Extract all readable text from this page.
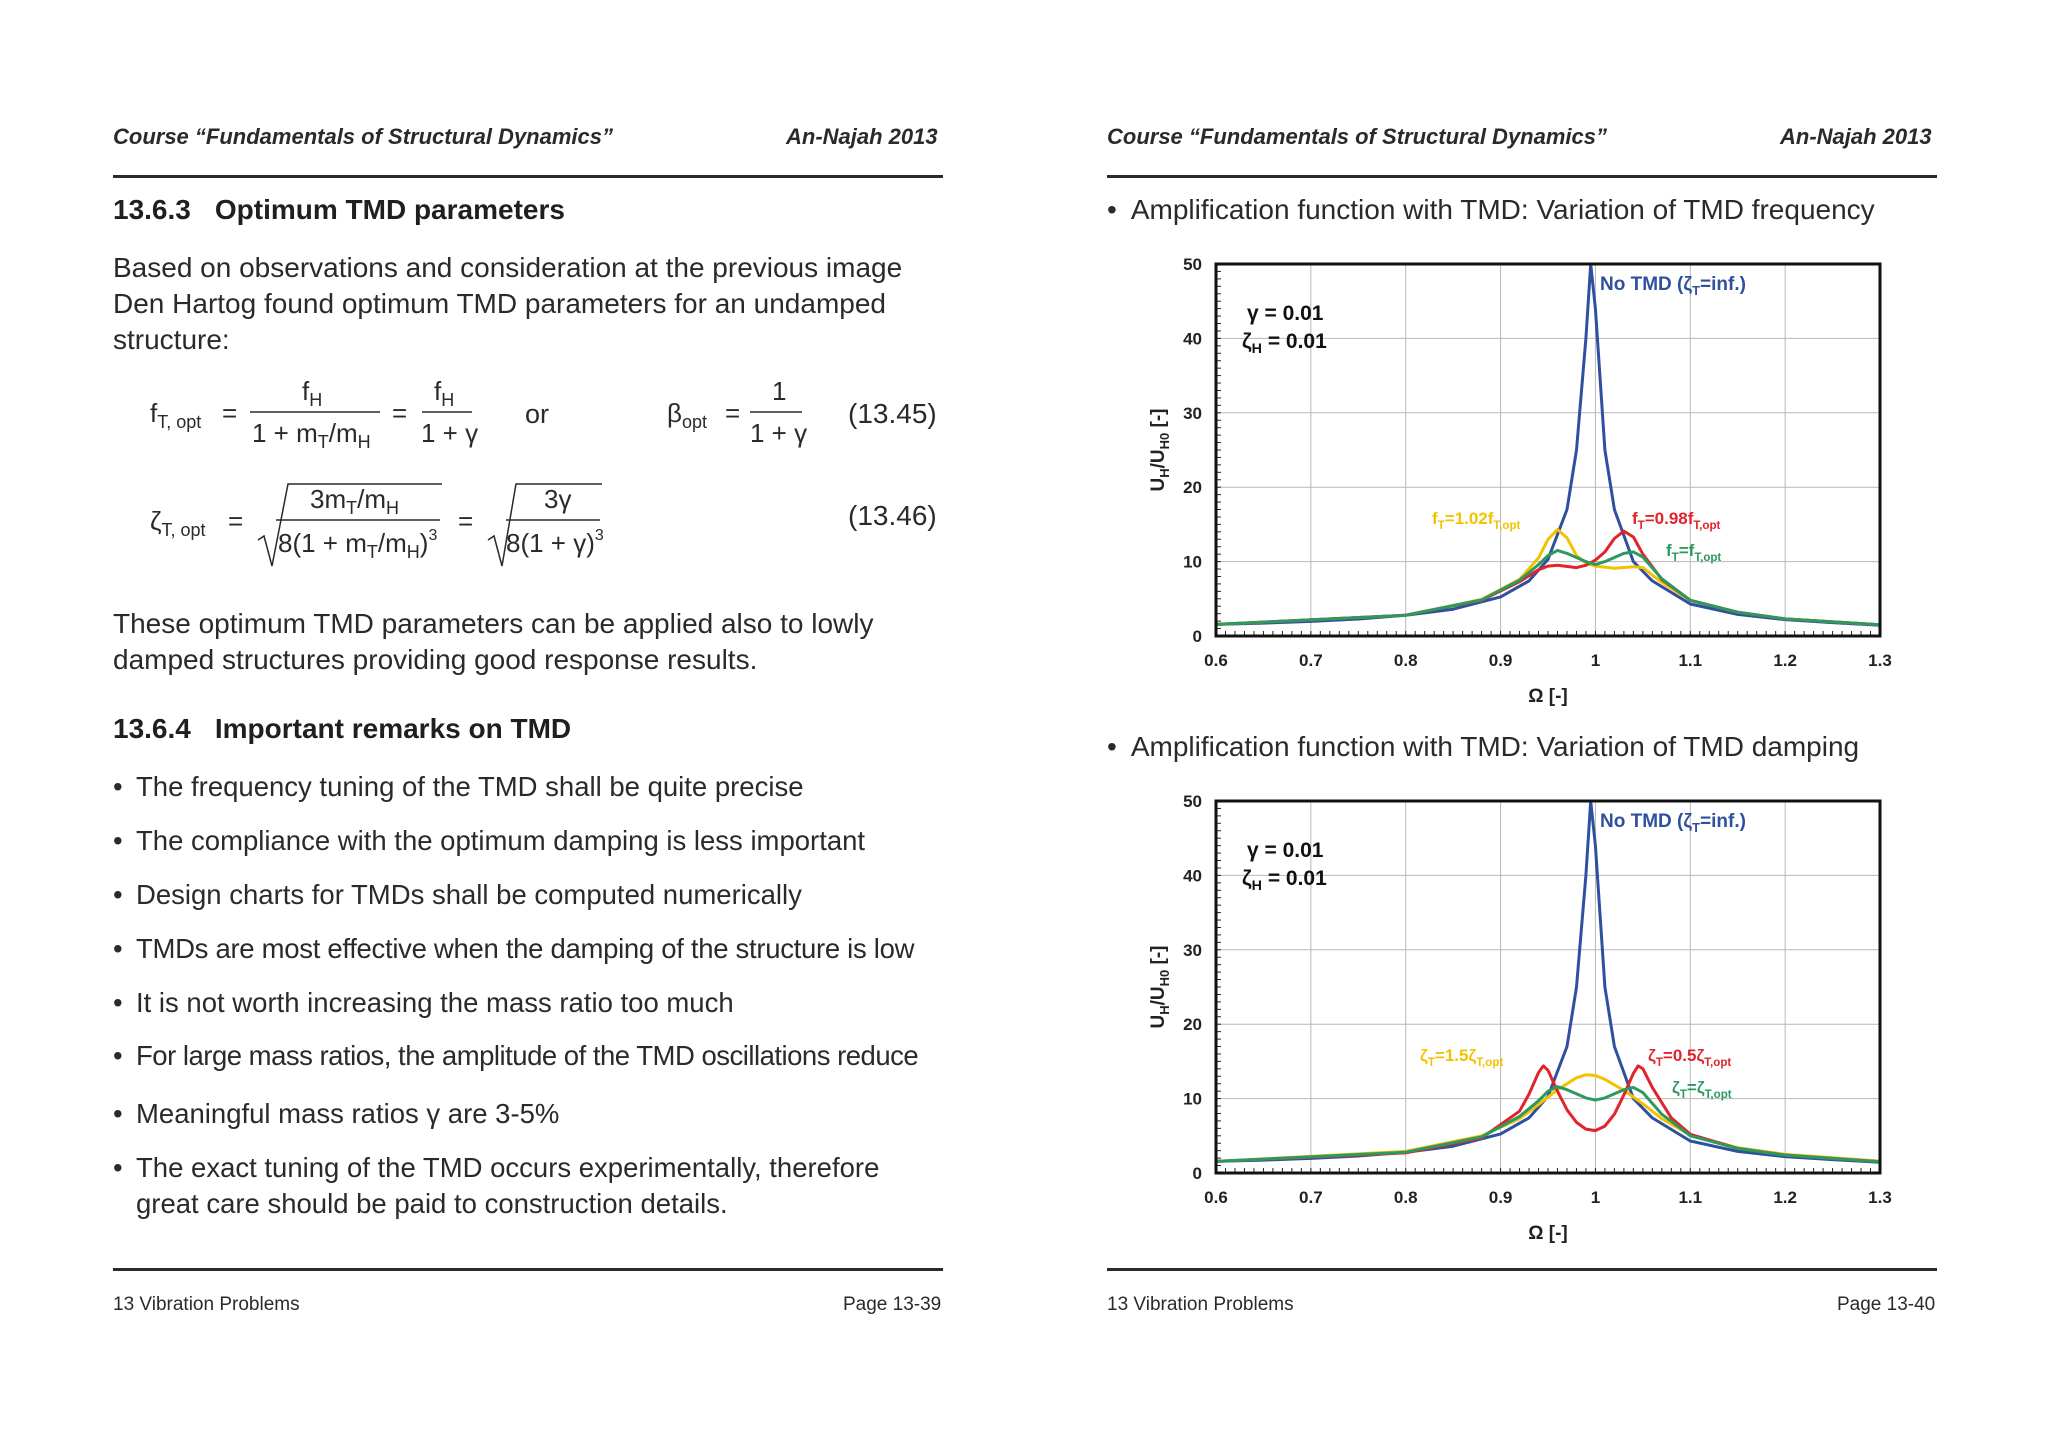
Course “Fundamentals of Structural Dynamics”	An-Najah 2013
13.6.3 Optimum TMD parameters
Based on observations and consideration at the previous image
Den Hartog found optimum TMD parameters for an undamped
structure:
$f_{T, opt}$ =
$f_H$
$1 + m_T/m_H$
=
$f_H$
1 + γ
or	$\beta_{opt}$ =
1
1 + γ
(13.45)
$\zeta_{T, opt}$ =
$3m_T/m_H$
$8(1 + m_T/m_H)^3$ =
3γ
$8(1 + \gamma)^3$
(13.46)
These optimum TMD parameters can be applied also to lowly
damped structures providing good response results.
13.6.4 Important remarks on TMD
• The frequency tuning of the TMD shall be quite precise
• The compliance with the optimum damping is less important
• Design charts for TMDs shall be computed numerically
• TMDs are most effective when the damping of the structure is low
• It is not worth increasing the mass ratio too much
• For large mass ratios, the amplitude of the TMD oscillations reduce
• Meaningful mass ratios γ are 3-5%
• The exact tuning of the TMD occurs experimentally, therefore
great care should be paid to construction details.
13 Vibration Problems	Page 13-39
Course “Fundamentals of Structural Dynamics”	An-Najah 2013
• Amplification function with TMD: Variation of TMD frequency
0.6	0.7	0.8	0.9	1	1.1	1.2	1.3
0
10
20
30
40
50
Ω [-]
$U_H/U_{H0}$ [-]
γ = 0.01
$\zeta_H = 0.01$
No TMD $(\zeta_T=inf.)$
$f_T=1.02f_{T,opt}$	$f_T=0.98f_{T,opt}$
$f_T=f_{T,opt}$
• Amplification function with TMD: Variation of TMD damping
0.6	0.7	0.8	0.9	1	1.1	1.2	1.3
0
10
20
30
40
50
Ω [-]
$U_H/U_{H0}$ [-]
γ = 0.01
$\zeta_H = 0.01$
No TMD $(\zeta_T=inf.)$
$\zeta_T=1.5\zeta_{T,opt}$	$\zeta_T=0.5\zeta_{T,opt}$
$\zeta_T=\zeta_{T,opt}$
13 Vibration Problems	Page 13-40
